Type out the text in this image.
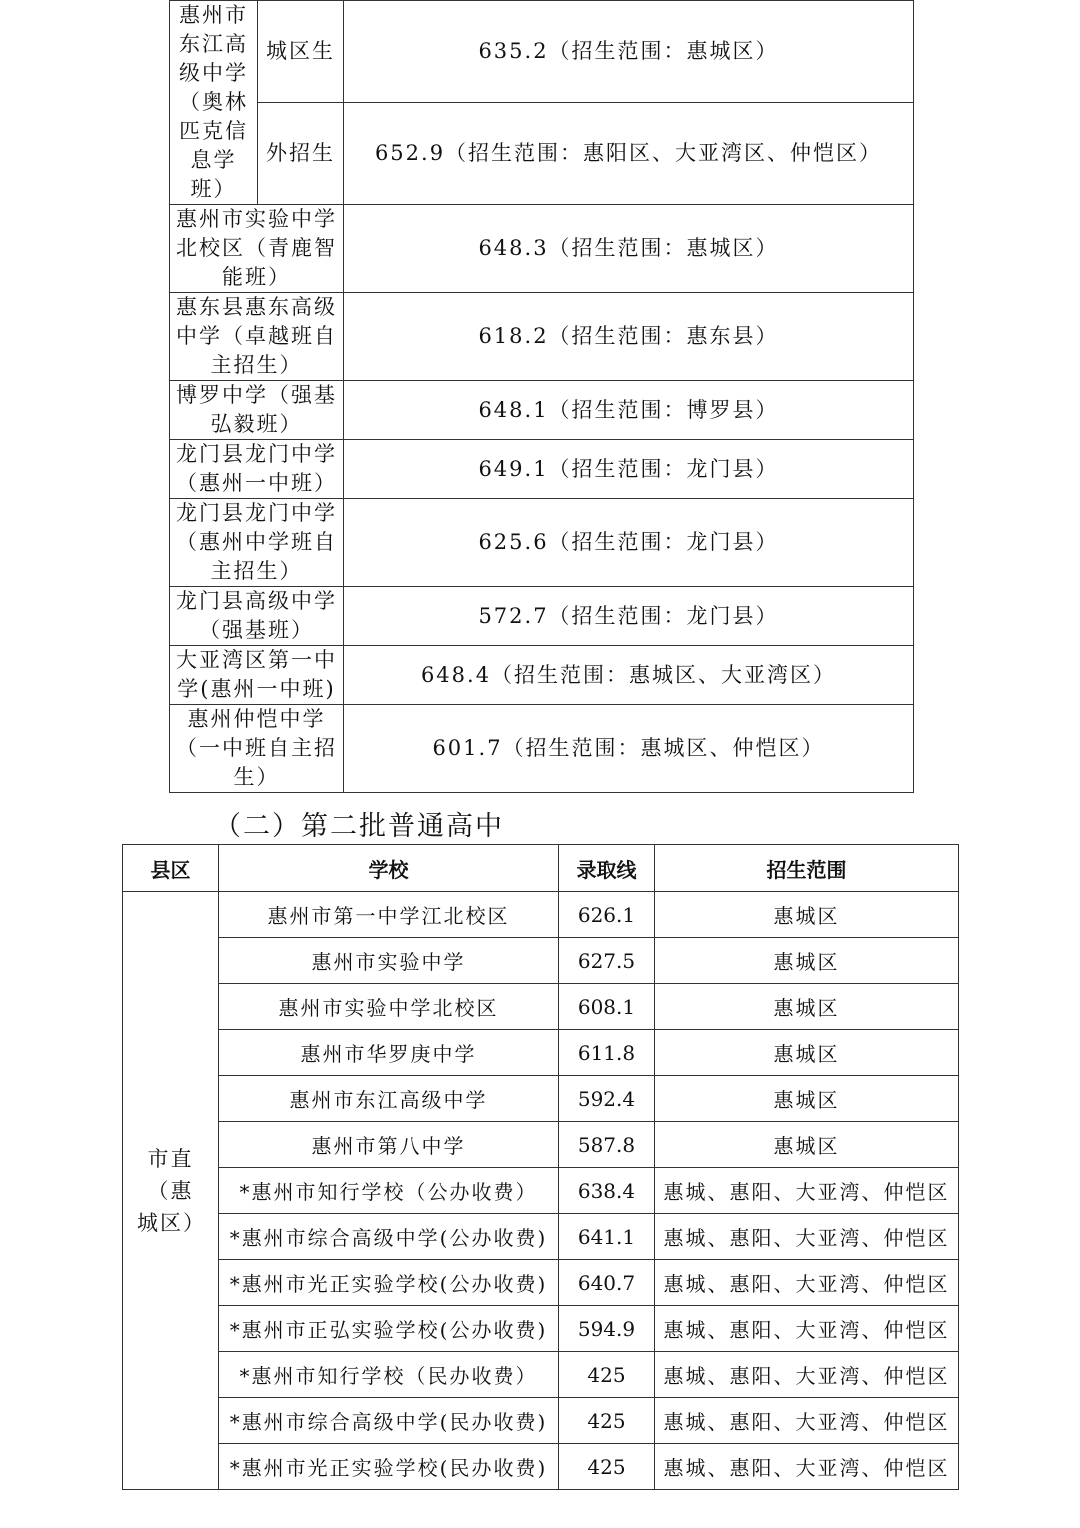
惠州市东江高级中学（奥林匹克信息学班）	城区生	635.2（招生范围：惠城区）
	外招生	652.9（招生范围：惠阳区、大亚湾区、仲恺区）
惠州市实验中学北校区（青鹿智能班）		648.3（招生范围：惠城区）
惠东县惠东高级中学（卓越班自主招生）		618.2（招生范围：惠东县）
博罗中学（强基弘毅班）		648.1（招生范围：博罗县）
龙门县龙门中学（惠州一中班）		649.1（招生范围：龙门县）
龙门县龙门中学（惠州中学班自主招生）		625.6（招生范围：龙门县）
龙门县高级中学（强基班）		572.7（招生范围：龙门县）
大亚湾区第一中学(惠州一中班)		648.4（招生范围：惠城区、大亚湾区）
惠州仲恺中学（一中班自主招生）		601.7（招生范围：惠城区、仲恺区）
（二）第二批普通高中
县区	学校	录取线	招生范围
市直（惠城区）	惠州市第一中学江北校区	626.1	惠城区
	惠州市实验中学	627.5	惠城区
	惠州市实验中学北校区	608.1	惠城区
	惠州市华罗庚中学	611.8	惠城区
	惠州市东江高级中学	592.4	惠城区
	惠州市第八中学	587.8	惠城区
	*惠州市知行学校（公办收费）	638.4	惠城、惠阳、大亚湾、仲恺区
	*惠州市综合高级中学(公办收费)	641.1	惠城、惠阳、大亚湾、仲恺区
	*惠州市光正实验学校(公办收费)	640.7	惠城、惠阳、大亚湾、仲恺区
	*惠州市正弘实验学校(公办收费)	594.9	惠城、惠阳、大亚湾、仲恺区
	*惠州市知行学校（民办收费）	425	惠城、惠阳、大亚湾、仲恺区
	*惠州市综合高级中学(民办收费)	425	惠城、惠阳、大亚湾、仲恺区
	*惠州市光正实验学校(民办收费)	425	惠城、惠阳、大亚湾、仲恺区
